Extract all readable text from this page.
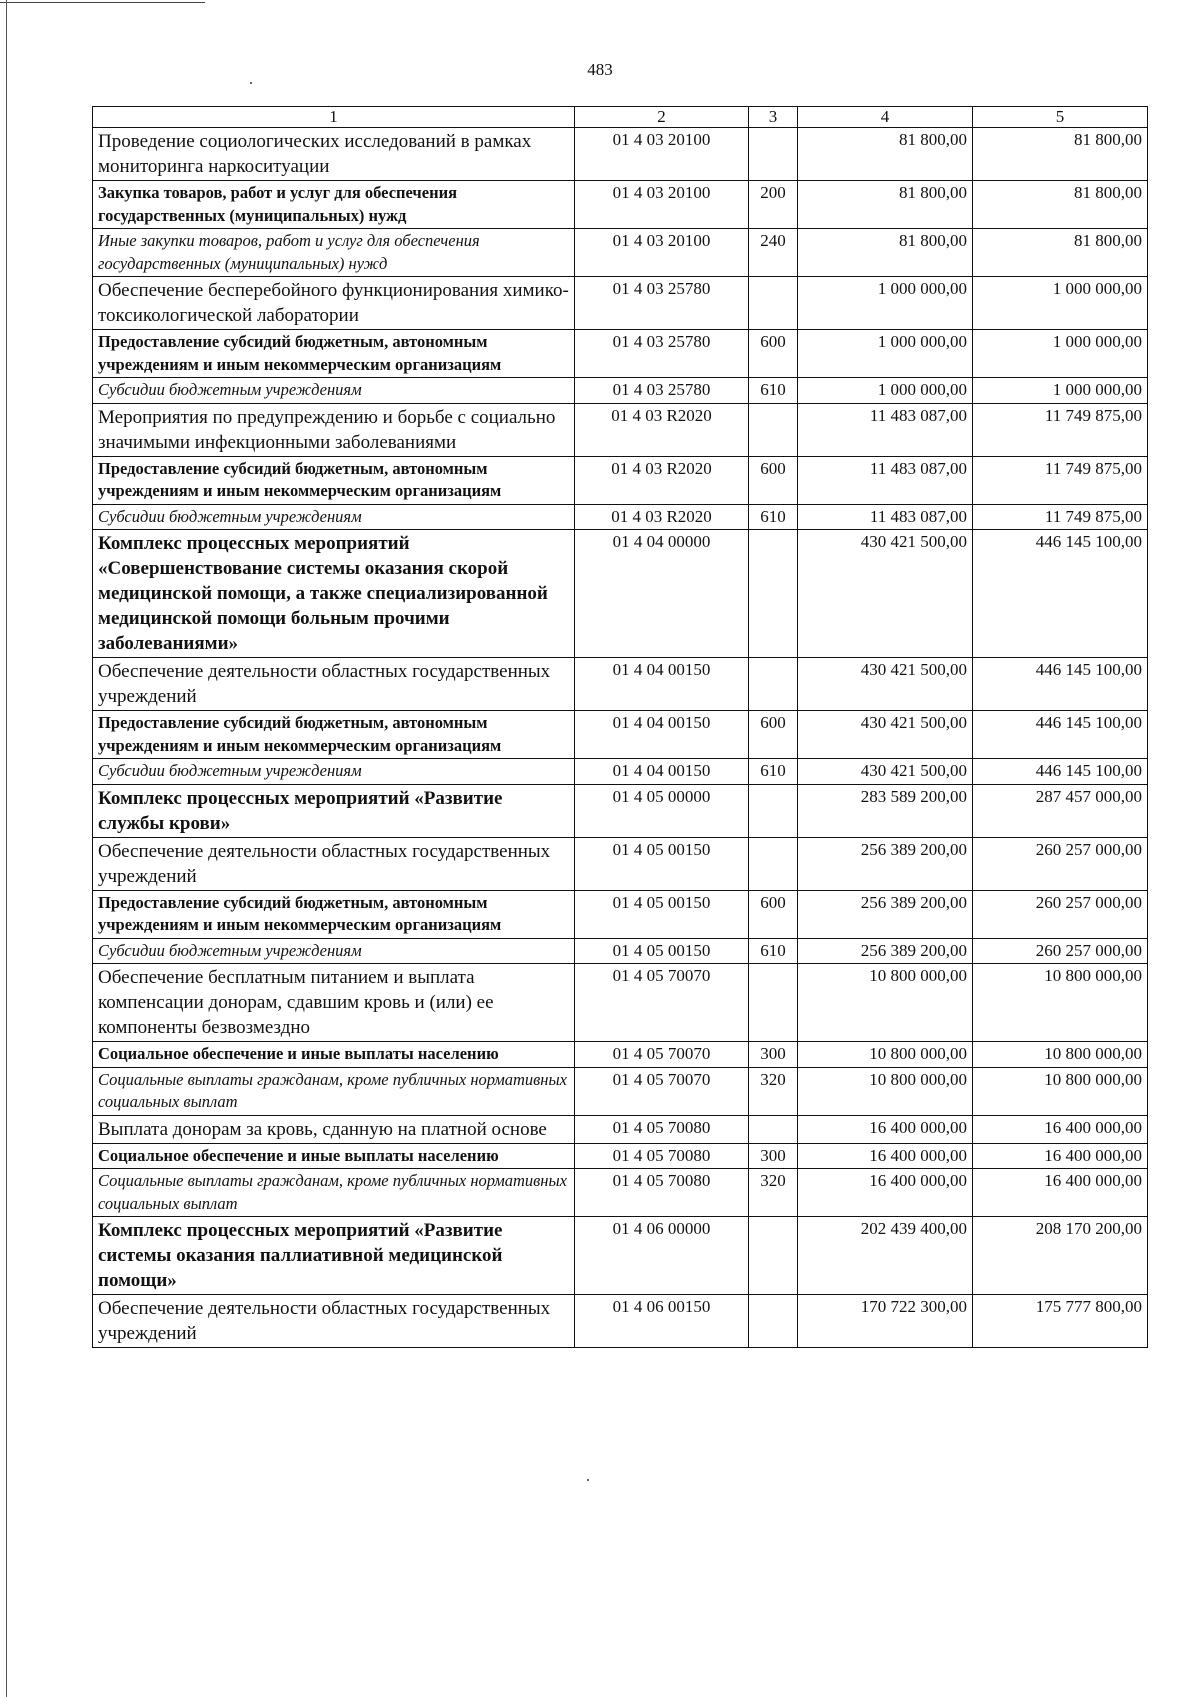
483
1	2	3	4	5
Проведение социологических исследований в рамках мониторинга наркоситуации	01 4 03 20100		81 800,00	81 800,00
Закупка товаров, работ и услуг для обеспечения государственных (муниципальных) нужд	01 4 03 20100	200	81 800,00	81 800,00
Иные закупки товаров, работ и услуг для обеспечения государственных (муниципальных) нужд	01 4 03 20100	240	81 800,00	81 800,00
Обеспечение бесперебойного функционирования химико-токсикологической лаборатории	01 4 03 25780		1 000 000,00	1 000 000,00
Предоставление субсидий бюджетным, автономным учреждениям и иным некоммерческим организациям	01 4 03 25780	600	1 000 000,00	1 000 000,00
Субсидии бюджетным учреждениям	01 4 03 25780	610	1 000 000,00	1 000 000,00
Мероприятия по предупреждению и борьбе с социально значимыми инфекционными заболеваниями	01 4 03 R2020		11 483 087,00	11 749 875,00
Предоставление субсидий бюджетным, автономным учреждениям и иным некоммерческим организациям	01 4 03 R2020	600	11 483 087,00	11 749 875,00
Субсидии бюджетным учреждениям	01 4 03 R2020	610	11 483 087,00	11 749 875,00
Комплекс процессных мероприятий «Совершенствование системы оказания скорой медицинской помощи, а также специализированной медицинской помощи больным прочими заболеваниями»	01 4 04 00000		430 421 500,00	446 145 100,00
Обеспечение деятельности областных государственных учреждений	01 4 04 00150		430 421 500,00	446 145 100,00
Предоставление субсидий бюджетным, автономным учреждениям и иным некоммерческим организациям	01 4 04 00150	600	430 421 500,00	446 145 100,00
Субсидии бюджетным учреждениям	01 4 04 00150	610	430 421 500,00	446 145 100,00
Комплекс процессных мероприятий «Развитие службы крови»	01 4 05 00000		283 589 200,00	287 457 000,00
Обеспечение деятельности областных государственных учреждений	01 4 05 00150		256 389 200,00	260 257 000,00
Предоставление субсидий бюджетным, автономным учреждениям и иным некоммерческим организациям	01 4 05 00150	600	256 389 200,00	260 257 000,00
Субсидии бюджетным учреждениям	01 4 05 00150	610	256 389 200,00	260 257 000,00
Обеспечение бесплатным питанием и выплата компенсации донорам, сдавшим кровь и (или) ее компоненты безвозмездно	01 4 05 70070		10 800 000,00	10 800 000,00
Социальное обеспечение и иные выплаты населению	01 4 05 70070	300	10 800 000,00	10 800 000,00
Социальные выплаты гражданам, кроме публичных нормативных социальных выплат	01 4 05 70070	320	10 800 000,00	10 800 000,00
Выплата донорам за кровь, сданную на платной основе	01 4 05 70080		16 400 000,00	16 400 000,00
Социальное обеспечение и иные выплаты населению	01 4 05 70080	300	16 400 000,00	16 400 000,00
Социальные выплаты гражданам, кроме публичных нормативных социальных выплат	01 4 05 70080	320	16 400 000,00	16 400 000,00
Комплекс процессных мероприятий «Развитие системы оказания паллиативной медицинской помощи»	01 4 06 00000		202 439 400,00	208 170 200,00
Обеспечение деятельности областных государственных учреждений	01 4 06 00150		170 722 300,00	175 777 800,00
